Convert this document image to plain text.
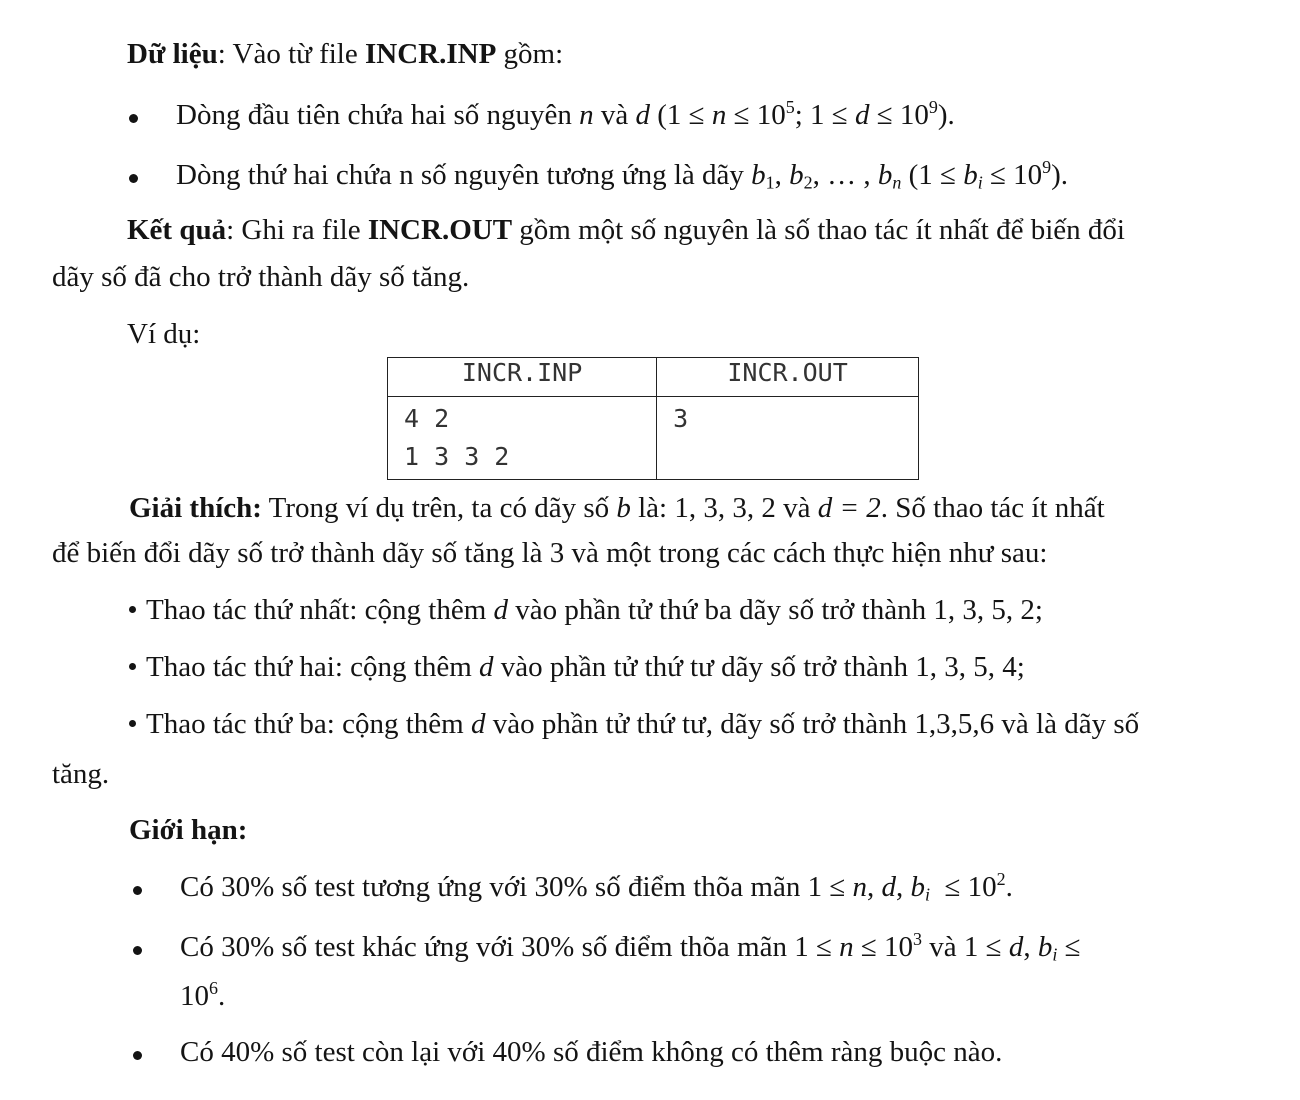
Dữ liệu: Vào từ file INCR.INP gồm:
Dòng đầu tiên chứa hai số nguyên n và d ($1 \le n \le 10^5$; $1 \le d \le 10^9$).
Dòng thứ hai chứa n số nguyên tương ứng là dãy $b_1$, $b_2$, … , $b_n$ $(1 \le b_i \le 10^9)$.
Kết quả: Ghi ra file INCR.OUT gồm một số nguyên là số thao tác ít nhất để biến đổi
dãy số đã cho trở thành dãy số tăng.
Ví dụ:
INCR.INP	INCR.OUT

4 2
1 3 3 2	3
Giải thích: Trong ví dụ trên, ta có dãy số b là: 1, 3, 3, 2 và d = 2. Số thao tác ít nhất
để biến đổi dãy số trở thành dãy số tăng là 3 và một trong các cách thực hiện như sau:
Thao tác thứ nhất: cộng thêm d vào phần tử thứ ba dãy số trở thành 1, 3, 5, 2;
Thao tác thứ hai: cộng thêm d vào phần tử thứ tư dãy số trở thành 1, 3, 5, 4;
Thao tác thứ ba: cộng thêm d vào phần tử thứ tư, dãy số trở thành 1,3,5,6 và là dãy số
tăng.
Giới hạn:
Có 30% số test tương ứng với 30% số điểm thõa mãn 1 ≤ n, d, $b_i \le 10^2$.
Có 30% số test khác ứng với 30% số điểm thõa mãn $1 \le n \le 10^3$ và 1 ≤ d, $b_i$ ≤
$10^6$.
Có 40% số test còn lại với 40% số điểm không có thêm ràng buộc nào.
